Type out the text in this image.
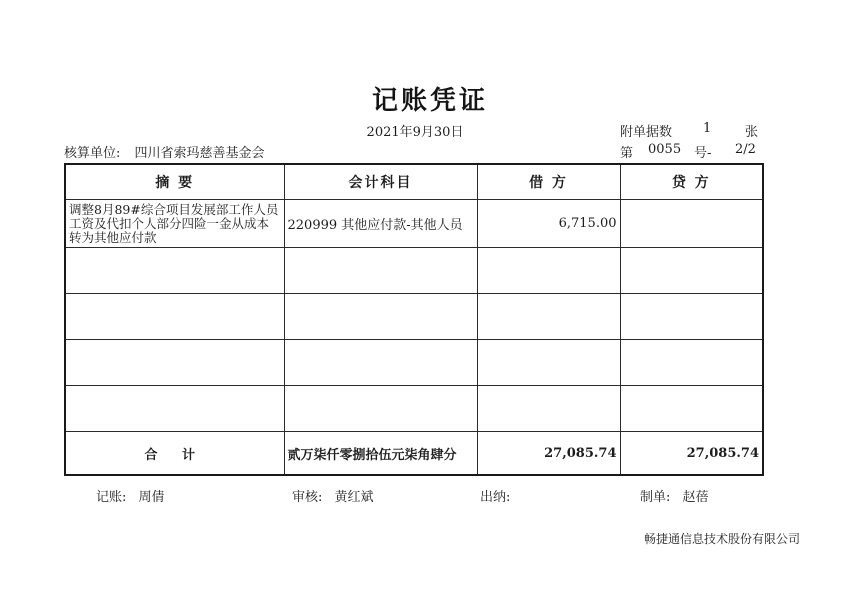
记账凭证
2021年9月30日
核算单位: 四川省索玛慈善基金会
附单据数 1	张
第 0055 号- 2/2
摘 要	会计科目	借 方	贷 方
调整8月89#综合项目发展部工作人员工资及代扣个人部分四险一金从成本转为其他应付款	220999 其他应付款-其他人员	6,715.00	

合 计	贰万柒仟零捌拾伍元柒角肆分	27,085.74	27,085.74
记账: 周倩	审核: 黄红斌	出纳:	制单: 赵蓓
畅捷通信息技术股份有限公司
